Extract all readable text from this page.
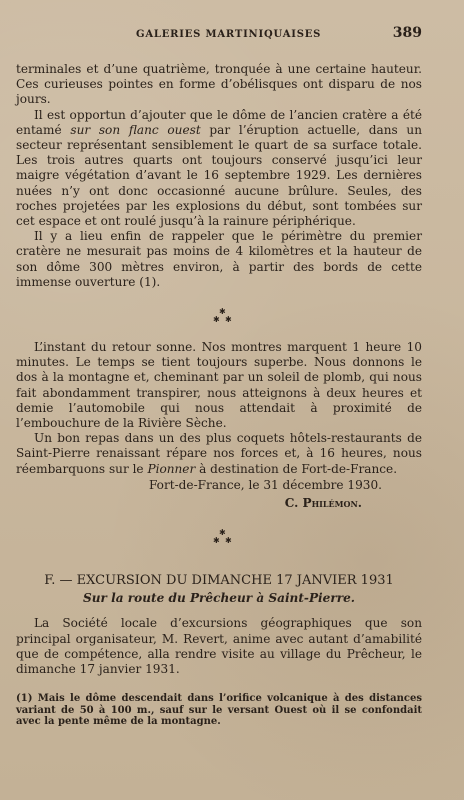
GALERIES MARTINIQUAISES	389

terminales et d’une quatrième, tronquée à une certaine hauteur. Ces curieuses pointes en forme d’obélisques ont disparu de nos jours.

Il est opportun d’ajouter que le dôme de l’ancien cratère a été entamé sur son flanc ouest par l’éruption actuelle, dans un secteur représentant sensiblement le quart de sa surface totale. Les trois autres quarts ont toujours conservé jusqu’ici leur maigre végétation d’avant le 16 septembre 1929. Les dernières nuées n’y ont donc occasionné aucune brûlure. Seules, des roches projetées par les explosions du début, sont tombées sur cet espace et ont roulé jusqu’à la rainure périphérique.

Il y a lieu enfin de rappeler que le périmètre du premier cratère ne mesurait pas moins de 4 kilomètres et la hauteur de son dôme 300 mètres environ, à partir des bords de cette immense ouverture (1).

✱
✱ ✱

L’instant du retour sonne. Nos montres marquent 1 heure 10 minutes. Le temps se tient toujours superbe. Nous donnons le dos à la montagne et, cheminant par un soleil de plomb, qui nous fait abondamment transpirer, nous atteignons à deux heures et demie l’automobile qui nous attendait à proximité de l’embouchure de la Rivière Sèche.

Un bon repas dans un des plus coquets hôtels-restaurants de Saint-Pierre renaissant répare nos forces et, à 16 heures, nous réembarquons sur le Pionner à destination de Fort-de-France.

Fort-de-France, le 31 décembre 1930.
C. Philémon.
✱
✱ ✱
F. — EXCURSION DU DIMANCHE 17 JANVIER 1931
Sur la route du Prêcheur à Saint-Pierre.

La Société locale d’excursions géographiques que son principal organisateur, M. Revert, anime avec autant d’amabilité que de compétence, alla rendre visite au village du Prêcheur, le dimanche 17 janvier 1931.

(1) Mais le dôme descendait dans l’orifice volcanique à des distances variant de 50 à 100 m., sauf sur le versant Ouest où il se confondait avec la pente même de la montagne.
